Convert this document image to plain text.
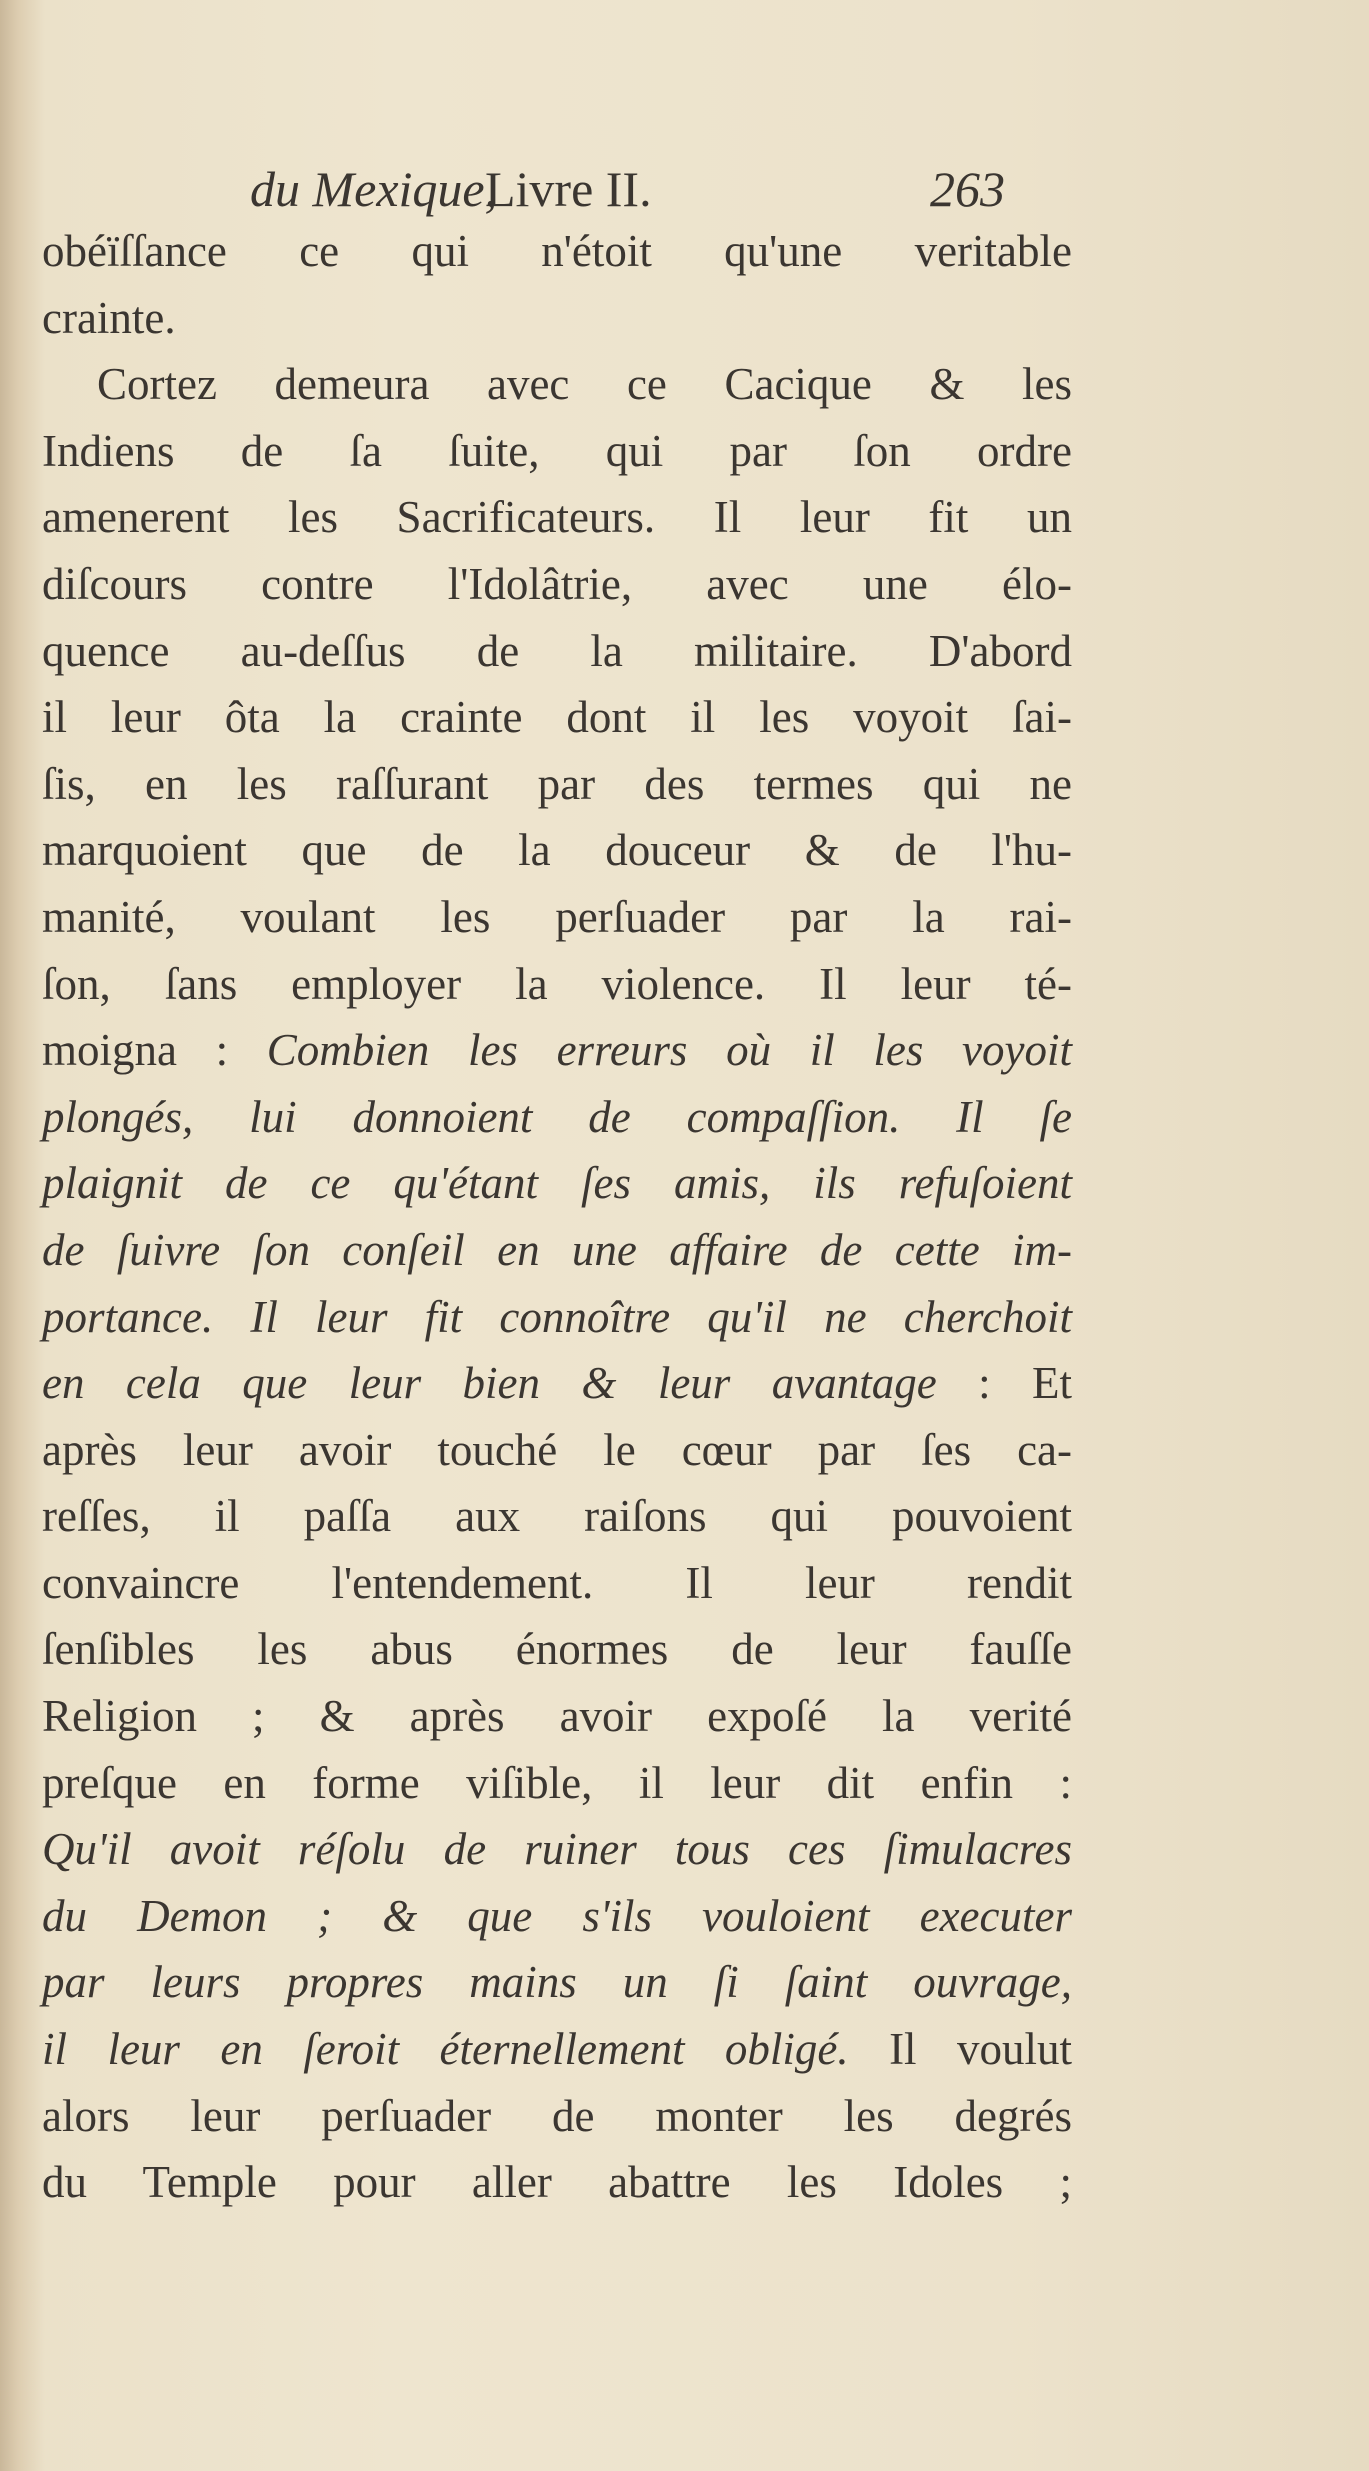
du Mexique,
Livre II.	263
obéïſſance ce qui n'étoit qu'une veritable
crainte.
Cortez demeura avec ce Cacique & les
Indiens de ſa ſuite, qui par ſon ordre
amenerent les Sacrificateurs. Il leur fit un
diſcours contre l'Idolâtrie, avec une élo-
quence au-deſſus de la militaire. D'abord
il leur ôta la crainte dont il les voyoit ſai-
ſis, en les raſſurant par des termes qui ne
marquoient que de la douceur & de l'hu-
manité, voulant les perſuader par la rai-
ſon, ſans employer la violence. Il leur té-
moigna : Combien les erreurs où il les voyoit
plongés, lui donnoient de compaſſion. Il ſe
plaignit de ce qu'étant ſes amis, ils refuſoient
de ſuivre ſon conſeil en une affaire de cette im-
portance. Il leur fit connoître qu'il ne cherchoit
en cela que leur bien & leur avantage : Et
après leur avoir touché le cœur par ſes ca-
reſſes, il paſſa aux raiſons qui pouvoient
convaincre l'entendement. Il leur rendit
ſenſibles les abus énormes de leur fauſſe
Religion ; & après avoir expoſé la verité
preſque en forme viſible, il leur dit enfin :
Qu'il avoit réſolu de ruiner tous ces ſimulacres
du Demon ; & que s'ils vouloient executer
par leurs propres mains un ſi ſaint ouvrage,
il leur en ſeroit éternellement obligé. Il voulut
alors leur perſuader de monter les degrés
du Temple pour aller abattre les Idoles ;
